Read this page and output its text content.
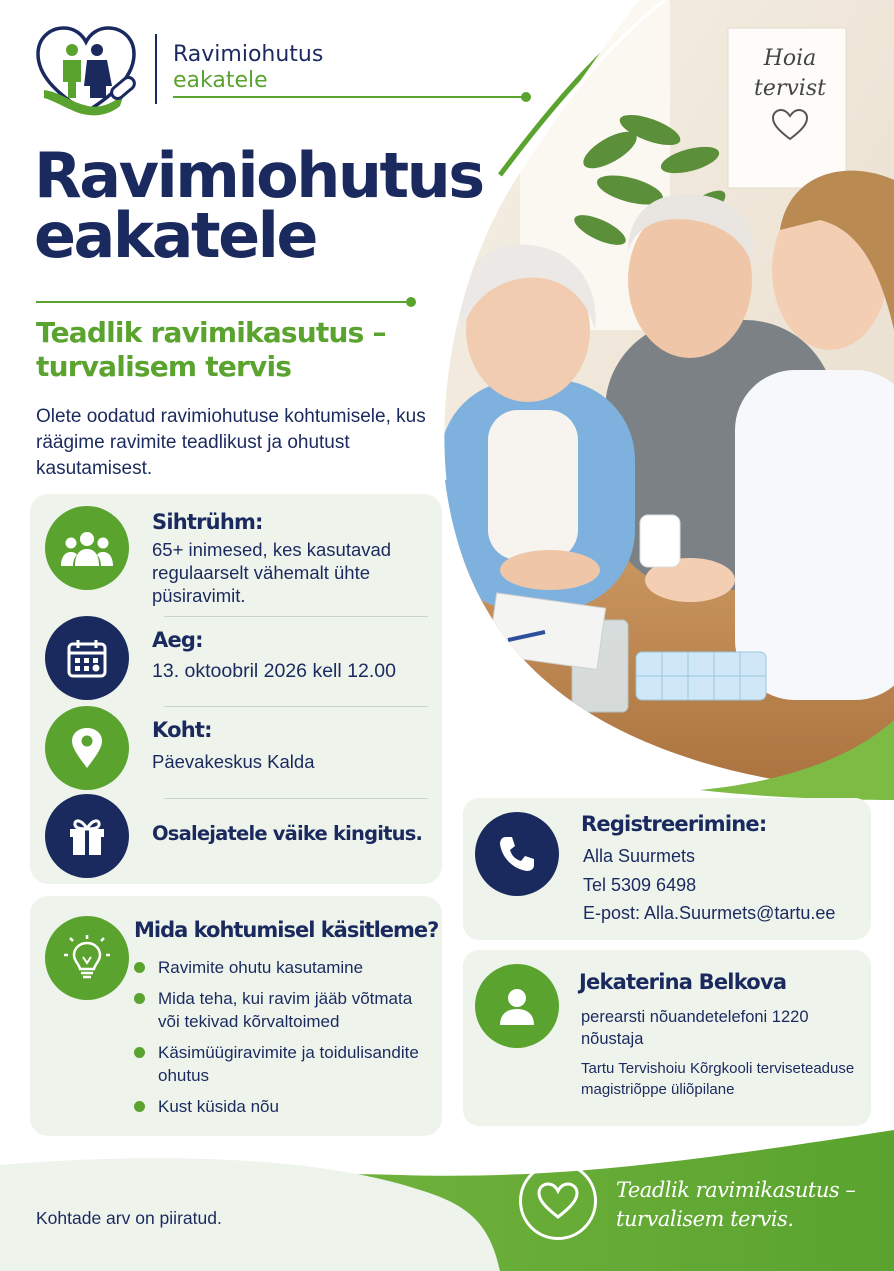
Hoia
tervist
Ravimiohutus
eakatele
Ravimiohutus
eakatele
Teadlik ravimikasutus –
turvalisem tervis
Olete oodatud ravimiohutuse kohtumisele, kus räägime ravimite teadlikust ja ohutust kasutamisest.
Sihtrühm:
65+ inimesed, kes kasutavad regulaarselt vähemalt ühte püsiravimit.
Aeg:
13. oktoobril 2026 kell 12.00
Koht:
Päevakeskus Kalda
Osalejatele väike kingitus.
Mida kohtumisel käsitleme?
Ravimite ohutu kasutamine
Mida teha, kui ravim jääb võtmata või tekivad kõrvaltoimed
Käsimüügiravimite ja toidulisandite ohutus
Kust küsida nõu
Registreerimine:
Alla Suurmets
Tel 5309 6498
E-post: Alla.Suurmets@tartu.ee
Jekaterina Belkova
perearsti nõuandetelefoni 1220 nõustaja
Tartu Tervishoiu Kõrgkooli terviseteaduse magistriõppe üliõpilane
Kohtade arv on piiratud.
Teadlik ravimikasutus –
turvalisem tervis.
